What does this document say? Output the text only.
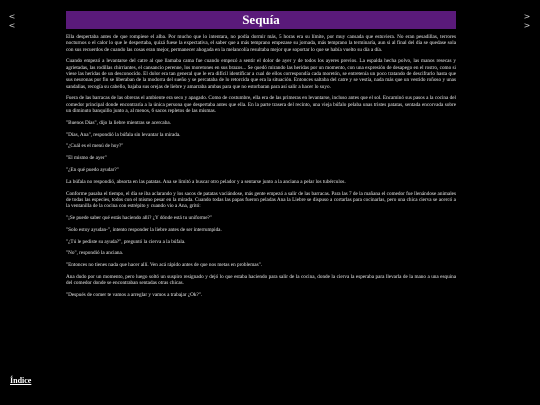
<
<
>
>
Sequía

Ella despertaba antes de que rompiese el alba. Por mucho que lo intentara, no podía dormir más, 5 horas era su límite, por muy cansada que estuviera. No eran pesadillas, terrores nocturnos o el calor lo que le despertaba, quizá fuese la expectativa, el saber que a más temprano empezase su jornada, más temprano la terminaría, aun si al final del día se quedase sola con sus recuerdos de cuando las cosas eran mejor, permanecer ahogada en la melancolía resultaba mejor que soportar lo que se había vuelto su día a día.

Cuando empezó a levantarse del catre al que llamaba cama fue cuando empezó a sentir el dolor de ayer y de todos los ayeres previos. La espalda hecha polvo, las manos resecas y agrietadas, las rodillas chirriantes, el cansancio perenne, los moretones en sus brazos... Se quedó mirando las heridas por un momento, con una expresión de desapego en el rostro, como si viese las heridas de un desconocido. El dolor era tan general que le era difícil identificar a cual de ellos correspondía cada moretón, se entretenía un poco tratando de descifrarlo hasta que sus neuronas por fin se liberaban de la modorra del sueño y se percataba de lo retorcida que era la situación. Entonces saltaba del catre y se vestía, nada más que un vestido roñoso y unas sandalias, recogía su cabello, bajaba sus orejas de liebre y amarraba ambas para que no estorbaran para así salir a hacer lo suyo.

Fuera de las barracas de las obreras el ambiente era seco y apagado. Como de costumbre, ella era de las primeras en levantarse, incluso antes que el sol. Encaminó sus pasos a la cocina del comedor principal donde encontraría a la única persona que despertaba antes que ella. En la parte trasera del recinto, una vieja búfalo pelaba unas tristes patatas, sentada encorvada sobre un diminuto banquillo junto a, al menos, 6 sacos repletos de las mismas.

"Buenos Días", dijo la liebre mientras se acercaba.

"Días, Ana", respondió la búfala sin levantar la mirada.

"¿Cuál es el menú de hoy?"

"El mismo de ayer"

"¿En qué puedo ayudar?"

La búfala no respondió, absorta en las patatas. Ana se limitó a buscar otro pelador y a sentarse junto a la anciana a pelar los tubérculos.

Conforme pasaba el tiempo, el día se iba aclarando y los sacos de patatas vaciándose, más gente empezó a salir de las barracas. Para las 7 de la mañana el comedor fue llenándose animales de todas las especies, todos con el mismo pesar en la mirada. Cuando todas las papas fueron peladas Ana la Liebre se dispuso a cortarlas para cocinarlas, pero una chica cierva se acercó a la ventanilla de la cocina con estrépito y cuando vio a Ana, gritó:

"¡Se puede saber qué estás haciendo allí? ¿Y dónde está tu uniforme?"

"Solo estoy ayudan-", intento responder la liebre antes de ser interrumpida.

"¿Tú le pediste su ayuda?", preguntó la cierva a la búfala.

"No", respondió la anciana.

"Entonces no tienes nada que hacer allí. Ven acá rápido antes de que nos metas en problemas".

Ana dudo por un momento, pero luego soltó un suspiro resignado y dejó lo que estaba haciendo para salir de la cocina, donde la cierva la esperaba para llevarla de la mano a una esquina del comedor donde se encontraban sentadas otras chicas.

"Después de comer te vamos a arreglar y vamos a trabajar ¿Ok?".

Índice
